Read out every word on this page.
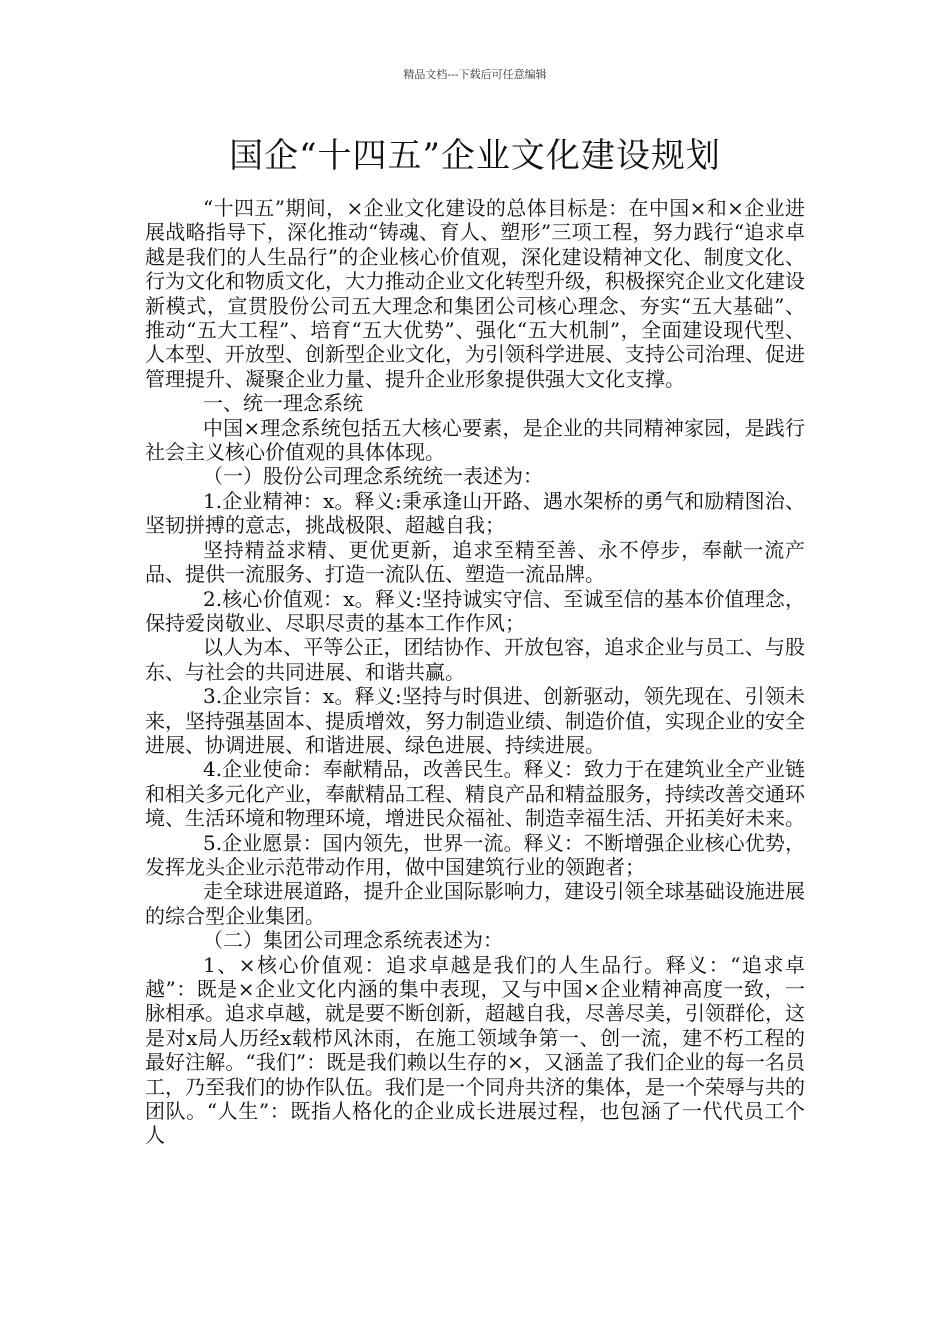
精品文档---下载后可任意编辑
国企“十四五”企业文化建设规划

“十四五”期间，×企业文化建设的总体目标是：在中国×和×企业进展战略指导下，深化推动“铸魂、育人、塑形”三项工程，努力践行“追求卓越是我们的人生品行”的企业核心价值观，深化建设精神文化、制度文化、行为文化和物质文化，大力推动企业文化转型升级，积极探究企业文化建设新模式，宣贯股份公司五大理念和集团公司核心理念、夯实“五大基础”、推动“五大工程”、培育“五大优势”、强化“五大机制”，全面建设现代型、人本型、开放型、创新型企业文化，为引领科学进展、支持公司治理、促进管理提升、凝聚企业力量、提升企业形象提供强大文化支撑。

一、统一理念系统

中国×理念系统包括五大核心要素，是企业的共同精神家园，是践行社会主义核心价值观的具体体现。

（一）股份公司理念系统统一表述为：

1.企业精神：x。释义:秉承逢山开路、遇水架桥的勇气和励精图治、坚韧拼搏的意志，挑战极限、超越自我；

坚持精益求精、更优更新，追求至精至善、永不停步，奉献一流产品、提供一流服务、打造一流队伍、塑造一流品牌。

2.核心价值观：x。释义:坚持诚实守信、至诚至信的基本价值理念，保持爱岗敬业、尽职尽责的基本工作作风；

以人为本、平等公正，团结协作、开放包容，追求企业与员工、与股东、与社会的共同进展、和谐共赢。

3.企业宗旨：x。释义:坚持与时俱进、创新驱动，领先现在、引领未来，坚持强基固本、提质增效，努力制造业绩、制造价值，实现企业的安全进展、协调进展、和谐进展、绿色进展、持续进展。

4.企业使命：奉献精品，改善民生。释义：致力于在建筑业全产业链和相关多元化产业，奉献精品工程、精良产品和精益服务，持续改善交通环境、生活环境和物理环境，增进民众福祉、制造幸福生活、开拓美好未来。

5.企业愿景：国内领先，世界一流。释义：不断增强企业核心优势，发挥龙头企业示范带动作用，做中国建筑行业的领跑者；

走全球进展道路，提升企业国际影响力，建设引领全球基础设施进展的综合型企业集团。

（二）集团公司理念系统表述为：

1、×核心价值观：追求卓越是我们的人生品行。释义：“追求卓越”：既是×企业文化内涵的集中表现，又与中国×企业精神高度一致，一脉相承。追求卓越，就是要不断创新，超越自我，尽善尽美，引领群伦，这是对x局人历经x载栉风沐雨，在施工领域争第一、创一流，建不朽工程的最好注解。“我们”：既是我们赖以生存的×，又涵盖了我们企业的每一名员工，乃至我们的协作队伍。我们是一个同舟共济的集体，是一个荣辱与共的团队。“人生”：既指人格化的企业成长进展过程，也包涵了一代代员工个人
